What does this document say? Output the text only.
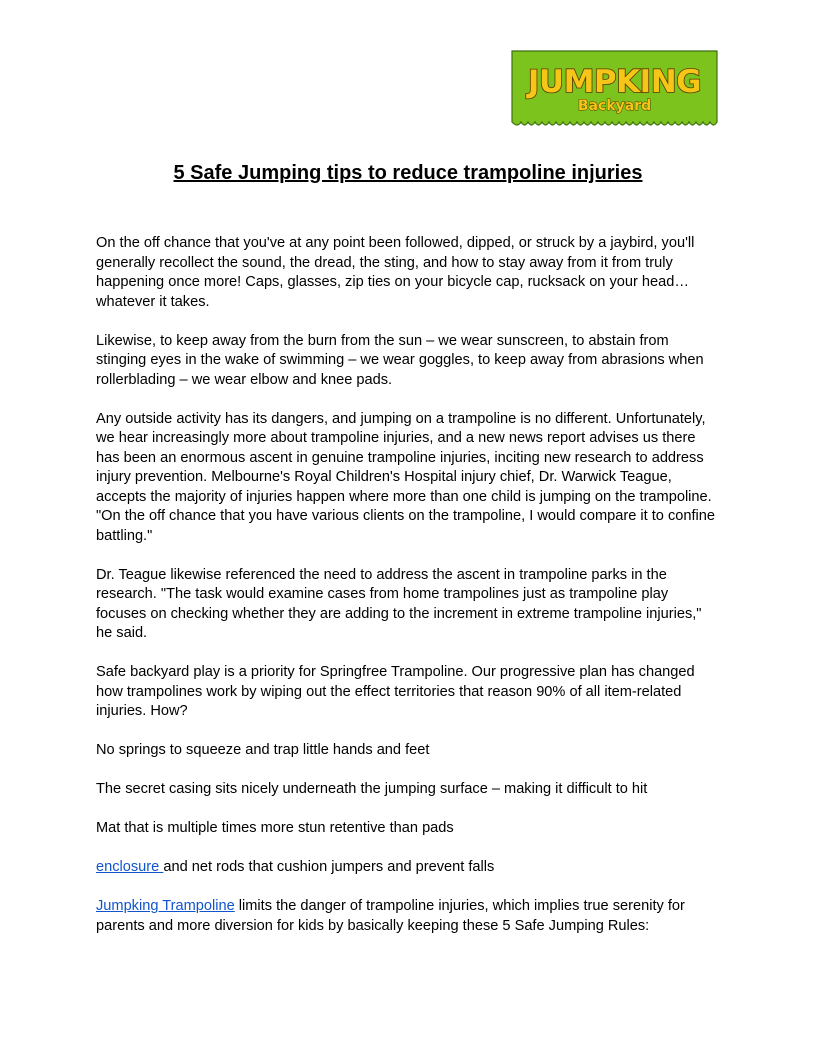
JUMPKING
Backyard
5 Safe Jumping tips to reduce trampoline injuries

On the off chance that you've at any point been followed, dipped, or struck by a jaybird, you'll generally recollect the sound, the dread, the sting, and how to stay away from it from truly happening once more! Caps, glasses, zip ties on your bicycle cap, rucksack on your head… whatever it takes.

Likewise, to keep away from the burn from the sun – we wear sunscreen, to abstain from stinging eyes in the wake of swimming – we wear goggles, to keep away from abrasions when rollerblading – we wear elbow and knee pads.

Any outside activity has its dangers, and jumping on a trampoline is no different. Unfortunately, we hear increasingly more about trampoline injuries, and a new news report advises us there has been an enormous ascent in genuine trampoline injuries, inciting new research to address injury prevention. Melbourne's Royal Children's Hospital injury chief, Dr. Warwick Teague, accepts the majority of injuries happen where more than one child is jumping on the trampoline. "On the off chance that you have various clients on the trampoline, I would compare it to confine battling."

Dr. Teague likewise referenced the need to address the ascent in trampoline parks in the research. "The task would examine cases from home trampolines just as trampoline play focuses on checking whether they are adding to the increment in extreme trampoline injuries," he said.

Safe backyard play is a priority for Springfree Trampoline. Our progressive plan has changed how trampolines work by wiping out the effect territories that reason 90% of all item-related injuries. How?

No springs to squeeze and trap little hands and feet

The secret casing sits nicely underneath the jumping surface – making it difficult to hit

Mat that is multiple times more stun retentive than pads

enclosure and net rods that cushion jumpers and prevent falls

Jumpking Trampoline limits the danger of trampoline injuries, which implies true serenity for parents and more diversion for kids by basically keeping these 5 Safe Jumping Rules:
